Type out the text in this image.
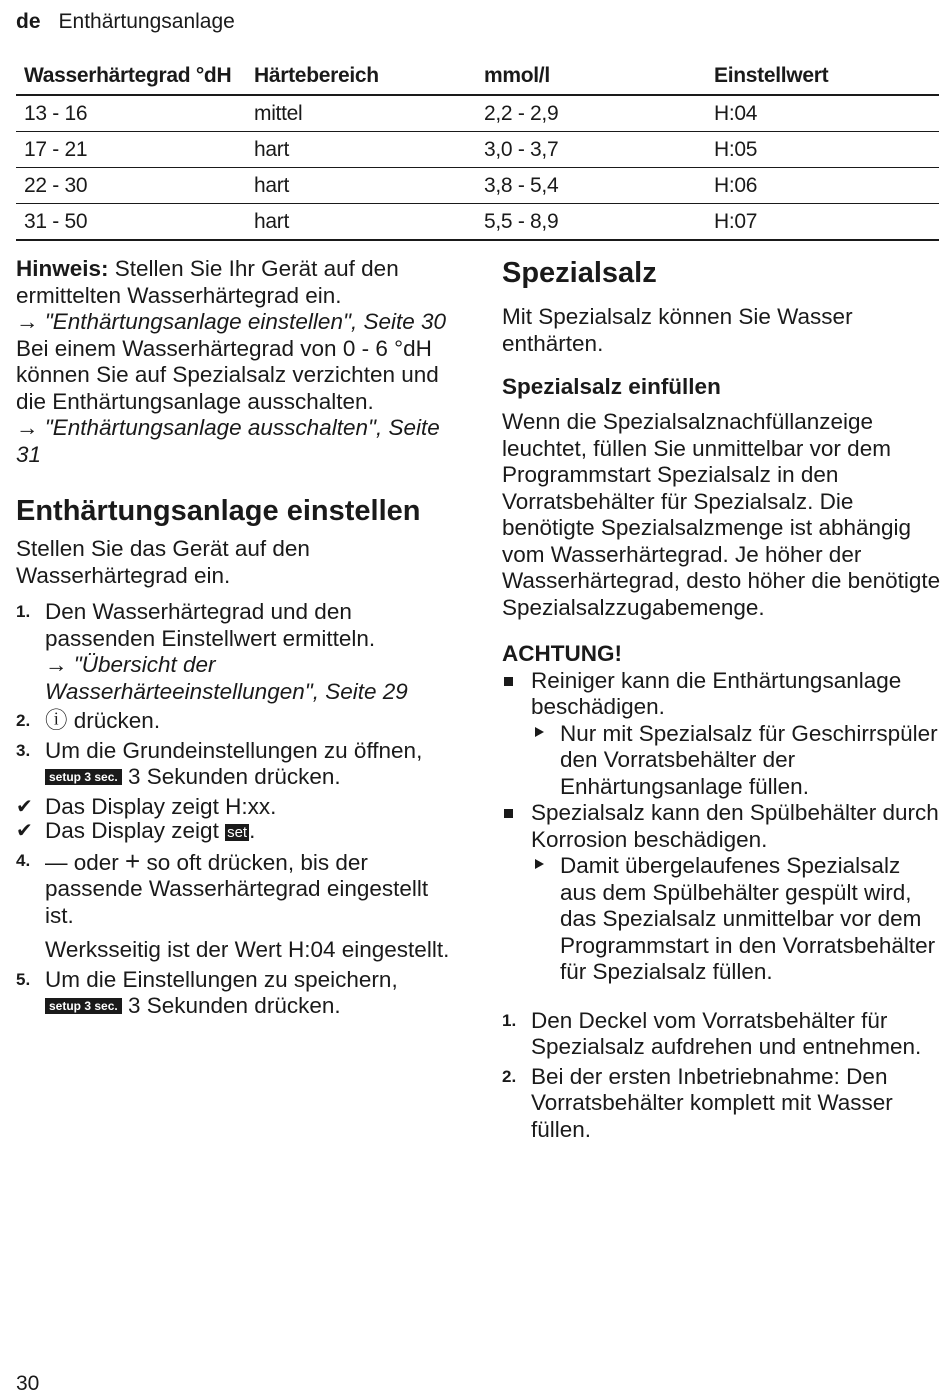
de Enthärtungsanlage
Wasserhärtegrad °dH	Härtebereich	mmol/l	Einstellwert
13 - 16	mittel	2,2 - 2,9	H:04
17 - 21	hart	3,0 - 3,7	H:05
22 - 30	hart	3,8 - 5,4	H:06
31 - 50	hart	5,5 - 8,9	H:07

Hinweis: Stellen Sie Ihr Gerät auf den ermittelten Wasserhärtegrad ein.

→ "Enthärtungsanlage einstellen", Seite 30

Bei einem Wasserhärtegrad von 0 - 6 °dH können Sie auf Spezialsalz verzichten und die Enthärtungsanlage ausschalten.

→ "Enthärtungsanlage ausschalten", Seite 31

Enthärtungsanlage einstellen

Stellen Sie das Gerät auf den Wasserhärtegrad ein.

1. Den Wasserhärtegrad und den passenden Einstellwert ermitteln.
→ "Übersicht der Wasserhärteeinstellungen", Seite 29
2. ⓘ drücken.
3. Um die Grundeinstellungen zu öffnen, setup 3 sec. 3 Sekunden drücken.
✔ Das Display zeigt H:xx.
✔ Das Display zeigt set.
4. — oder + so oft drücken, bis der passende Wasserhärtegrad eingestellt ist.

Werksseitig ist der Wert H:04 eingestellt.

5. Um die Einstellungen zu speichern, setup 3 sec. 3 Sekunden drücken.
Spezialsalz

Mit Spezialsalz können Sie Wasser enthärten.

Spezialsalz einfüllen

Wenn die Spezialsalznachfüllanzeige leuchtet, füllen Sie unmittelbar vor dem Programmstart Spezialsalz in den Vorratsbehälter für Spezialsalz. Die benötigte Spezialsalzmenge ist abhängig vom Wasserhärtegrad. Je höher der Wasserhärtegrad, desto höher die benötigte Spezialsalzzugabemenge.

ACHTUNG!

Reiniger kann die Enthärtungsanlage beschädigen.
Nur mit Spezialsalz für Geschirrspüler den Vorratsbehälter der Enhärtungsanlage füllen.
Spezialsalz kann den Spülbehälter durch Korrosion beschädigen.
Damit übergelaufenes Spezialsalz aus dem Spülbehälter gespült wird, das Spezialsalz unmittelbar vor dem Programmstart in den Vorratsbehälter für Spezialsalz füllen.
1. Den Deckel vom Vorratsbehälter für Spezialsalz aufdrehen und entnehmen.
2. Bei der ersten Inbetriebnahme: Den Vorratsbehälter komplett mit Wasser füllen.
30
